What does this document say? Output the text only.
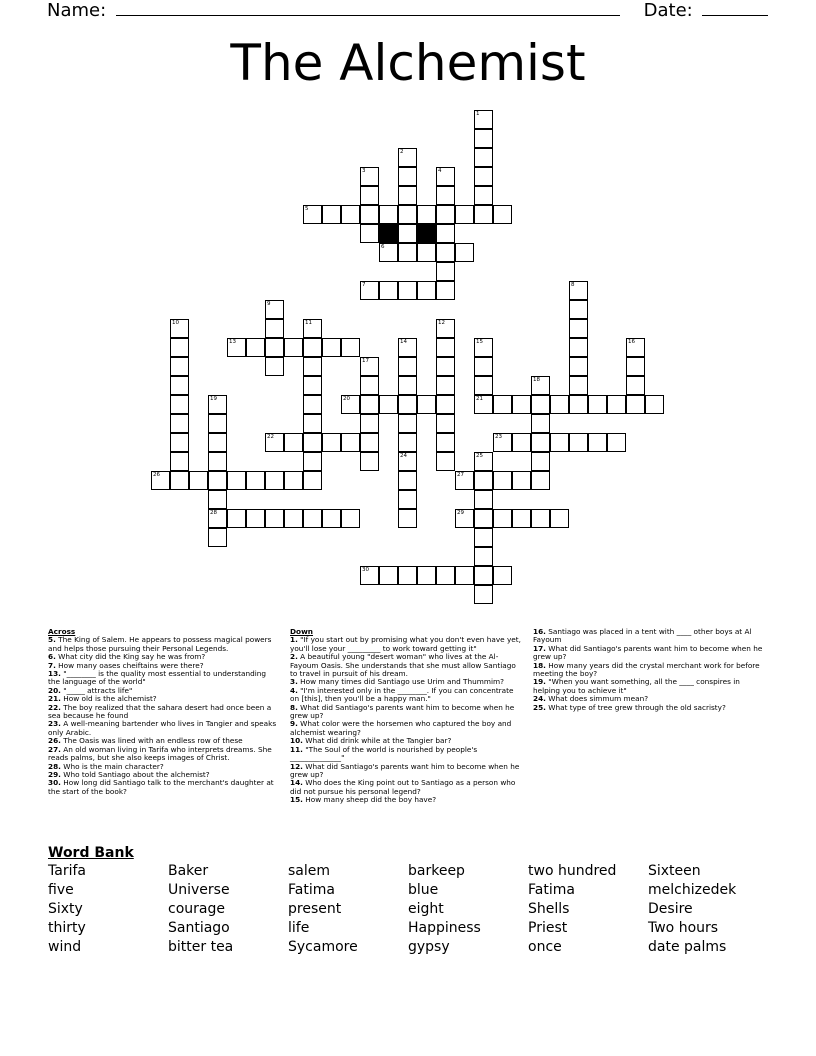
Name:	Date:
The Alchemist
1
2
3	4
5
6
7	8
9
10	11	12
13	14	15	16
17
18
19	20	21
22	23
24	25
26	27
28	29
30
Across
5. The King of Salem. He appears to possess magical powers and helps those pursuing their Personal Legends.
6. What city did the King say he was from?
7. How many oases cheiftains were there?
13. "________ is the quality most essential to understanding the language of the world"
20. "_____ attracts life"
21. How old is the alchemist?
22. The boy realized that the sahara desert had once been a sea because he found
23. A well-meaning bartender who lives in Tangier and speaks only Arabic.
26. The Oasis was lined with an endless row of these
27. An old woman living in Tarifa who interprets dreams. She reads palms, but she also keeps images of Christ.
28. Who is the main character?
29. Who told Santiago about the alchemist?
30. How long did Santiago talk to the merchant's daughter at the start of the book?
Down
1. "If you start out by promising what you don't even have yet, you'll lose your _________ to work toward getting it"
2. A beautiful young "desert woman" who lives at the Al-Fayoum Oasis. She understands that she must allow Santiago to travel in pursuit of his dream.
3. How many times did Santiago use Urim and Thummim?
4. "I'm interested only in the ________. If you can concentrate on [this], then you'll be a happy man."
8. What did Santiago's parents want him to become when he grew up?
9. What color were the horsemen who captured the boy and alchemist wearing?
10. What did drink while at the Tangier bar?
11. "The Soul of the world is nourished by people's ______________"
12. What did Santiago's parents want him to become when he grew up?
14. Who does the King point out to Santiago as a person who did not pursue his personal legend?
15. How many sheep did the boy have?
16. Santiago was placed in a tent with ____ other boys at Al Fayoum
17. What did Santiago's parents want him to become when he grew up?
18. How many years did the crystal merchant work for before meeting the boy?
19. "When you want something, all the ____ conspires in helping you to achieve it"
24. What does simmum mean?
25. What type of tree grew through the old sacristy?
Word Bank
Tarifa
five
Sixty
thirty
wind
Baker
Universe
courage
Santiago
bitter tea
salem
Fatima
present
life
Sycamore
barkeep
blue
eight
Happiness
gypsy
two hundred
Fatima
Shells
Priest
once
Sixteen
melchizedek
Desire
Two hours
date palms
